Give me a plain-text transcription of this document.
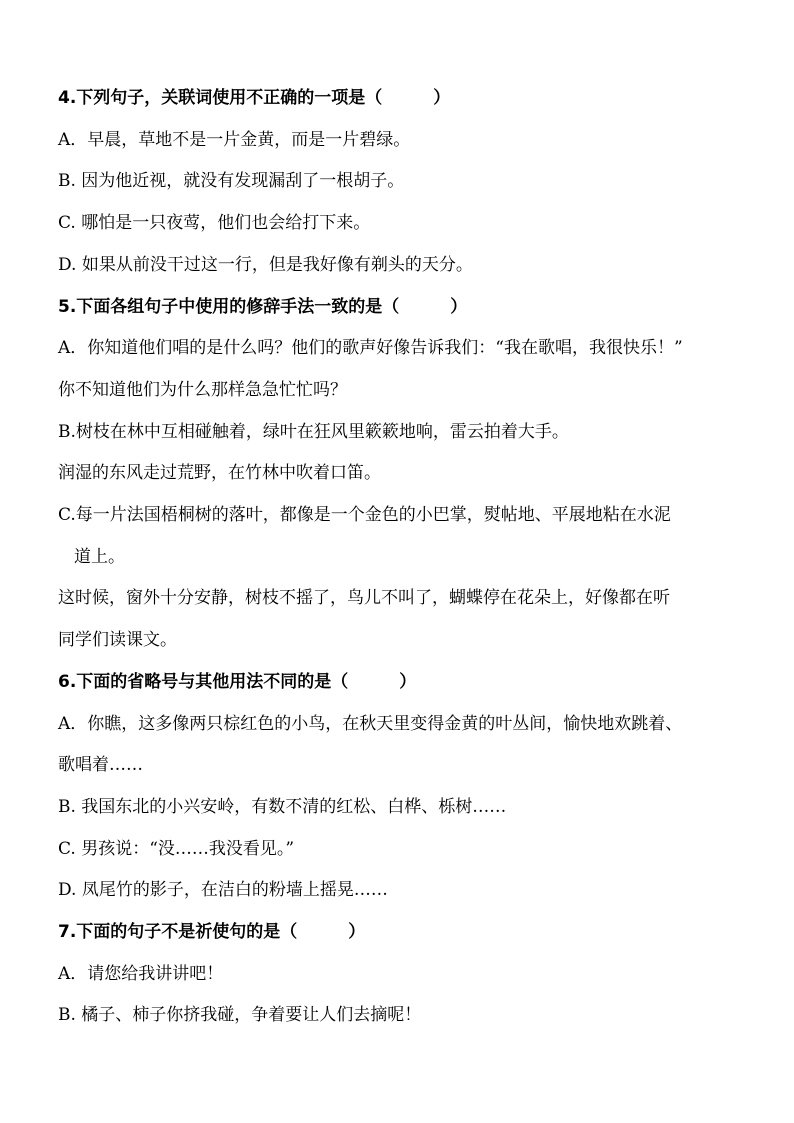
4.下列句子，关联词使用不正确的一项是（　　　）
A．早晨，草地不是一片金黄，而是一片碧绿。
B. 因为他近视，就没有发现漏刮了一根胡子。
C. 哪怕是一只夜莺，他们也会给打下来。
D. 如果从前没干过这一行，但是我好像有剃头的天分。
5.下面各组句子中使用的修辞手法一致的是（　　　）
A．你知道他们唱的是什么吗？他们的歌声好像告诉我们：“我在歌唱，我很快乐！”
你不知道他们为什么那样急急忙忙吗？
B.树枝在林中互相碰触着，绿叶在狂风里簌簌地响，雷云拍着大手。
润湿的东风走过荒野，在竹林中吹着口笛。
C.每一片法国梧桐树的落叶，都像是一个金色的小巴掌，熨帖地、平展地粘在水泥
道上。
这时候，窗外十分安静，树枝不摇了，鸟儿不叫了，蝴蝶停在花朵上，好像都在听
同学们读课文。
6.下面的省略号与其他用法不同的是（　　　）
A．你瞧，这多像两只棕红色的小鸟，在秋天里变得金黄的叶丛间，愉快地欢跳着、
歌唱着……
B. 我国东北的小兴安岭，有数不清的红松、白桦、栎树……
C. 男孩说：“没……我没看见。”
D. 凤尾竹的影子，在洁白的粉墙上摇晃……
7.下面的句子不是祈使句的是（　　　）
A．请您给我讲讲吧！
B. 橘子、柿子你挤我碰，争着要让人们去摘呢！
